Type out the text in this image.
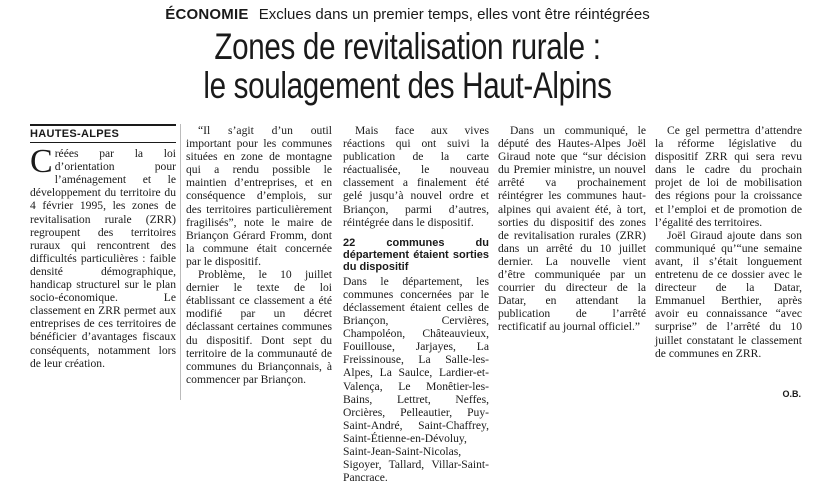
ÉCONOMIE Exclues dans un premier temps, elles vont être réintégrées
Zones de revitalisation rurale :
le soulagement des Haut-Alpins
HAUTES-ALPES

Créées par la loi d’orientation pour l’aménagement et le développement du territoire du 4 février 1995, les zones de revitalisation rurale (ZRR) regroupent des territoires ruraux qui rencontrent des difficultés particulières : faible densité démographique, handicap structurel sur le plan socio-économique. Le classement en ZRR permet aux entreprises de ces territoires de bénéficier d’avantages fiscaux conséquents, notamment lors de leur création.

“Il s’agit d’un outil important pour les communes situées en zone de montagne qui a rendu possible le maintien d’entreprises, et en conséquence d’emplois, sur des territoires particulièrement fragilisés”, note le maire de Briançon Gérard Fromm, dont la commune était concernée par le dispositif.

Problème, le 10 juillet dernier le texte de loi établissant ce classement a été modifié par un décret déclassant certaines communes du dispositif. Dont sept du territoire de la communauté de communes du Briançonnais, à commencer par Briançon.

Mais face aux vives réactions qui ont suivi la publication de la carte réactualisée, le nouveau classement a finalement été gelé jusqu’à nouvel ordre et Briançon, parmi d’autres, réintégrée dans le dispositif.

22 communes du département étaient sorties du dispositif

Dans le département, les communes concernées par le déclassement étaient celles de Briançon, Cervières, Champoléon, Châteauvieux, Fouillouse, Jarjayes, La Freissinouse, La Salle-les-Alpes, La Saulce, Lardier-et-Valença, Le Monêtier-les-Bains, Lettret, Neffes, Orcières, Pelleautier, Puy-Saint-André, Saint-Chaffrey, Saint-Étienne-en-Dévoluy, Saint-Jean-Saint-Nicolas, Sigoyer, Tallard, Villar-Saint-Pancrace.

Dans un communiqué, le député des Hautes-Alpes Joël Giraud note que “sur décision du Premier ministre, un nouvel arrêté va prochainement réintégrer les communes haut-alpines qui avaient été, à tort, sorties du dispositif des zones de revitalisation rurales (ZRR) dans un arrêté du 10 juillet dernier. La nouvelle vient d’être communiquée par un courrier du directeur de la Datar, en attendant la publication de l’arrêté rectificatif au journal officiel.”

Ce gel permettra d’attendre la réforme législative du dispositif ZRR qui sera revu dans le cadre du prochain projet de loi de mobilisation des régions pour la croissance et l’emploi et de promotion de l’égalité des territoires.

Joël Giraud ajoute dans son communiqué qu’“une semaine avant, il s’était longuement entretenu de ce dossier avec le directeur de la Datar, Emmanuel Berthier, après avoir eu connaissance “avec surprise” de l’arrêté du 10 juillet constatant le classement de communes en ZRR.

O.B.
